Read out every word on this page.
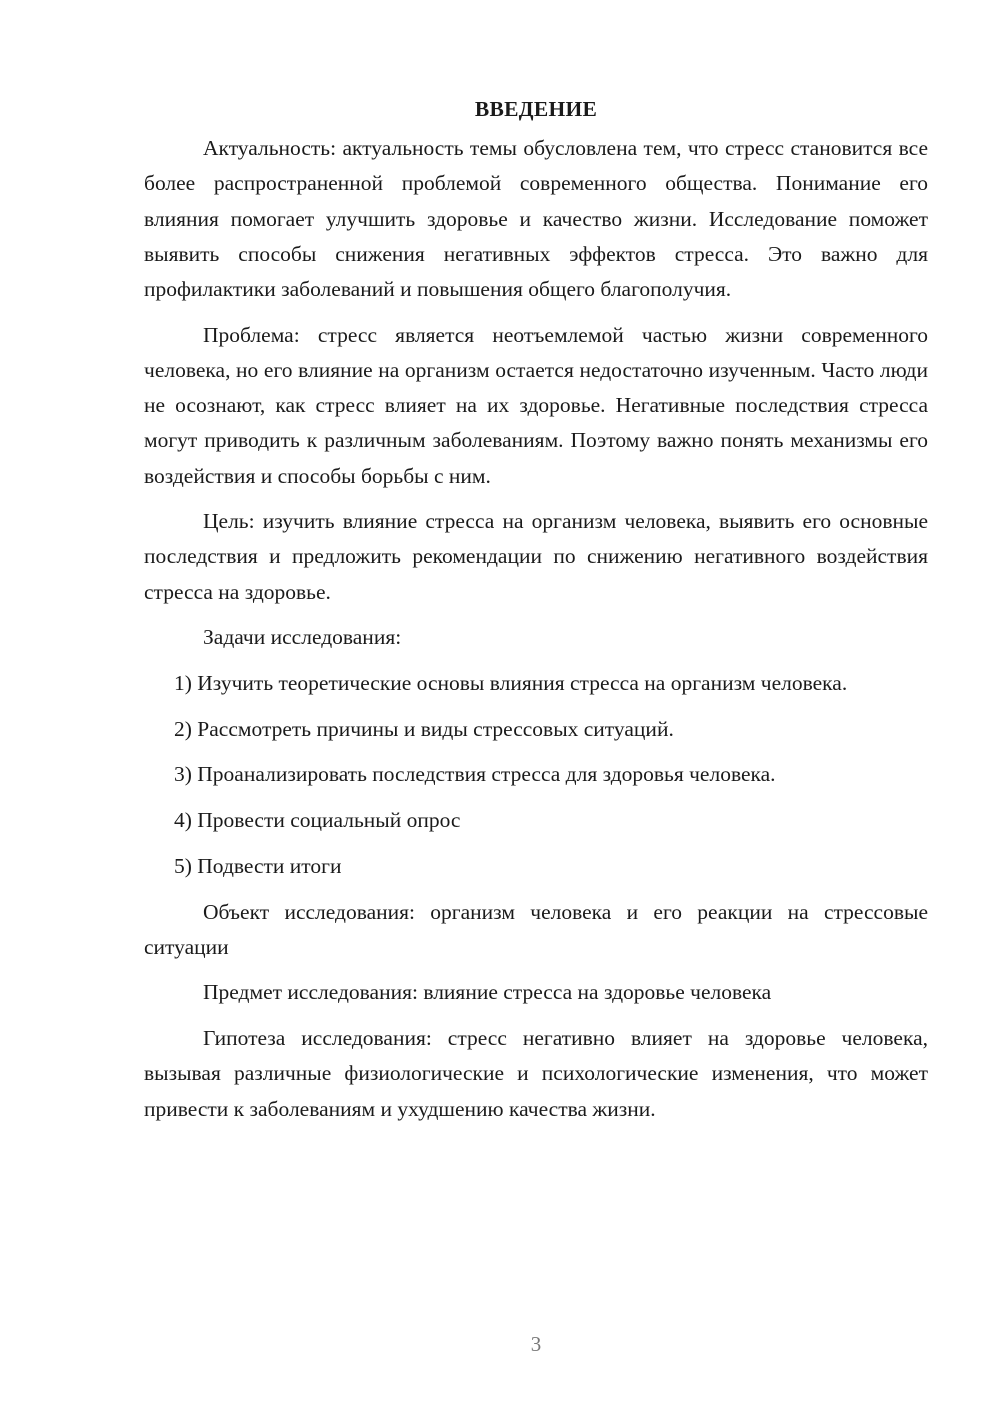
ВВЕДЕНИЕ

Актуальность: актуальность темы обусловлена тем, что стресс становится все более распространенной проблемой современного общества. Понимание его влияния помогает улучшить здоровье и качество жизни. Исследование поможет выявить способы снижения негативных эффектов стресса. Это важно для профилактики заболеваний и повышения общего благополучия.

Проблема: стресс является неотъемлемой частью жизни современного человека, но его влияние на организм остается недостаточно изученным. Часто люди не осознают, как стресс влияет на их здоровье. Негативные последствия стресса могут приводить к различным заболеваниям. Поэтому важно понять механизмы его воздействия и способы борьбы с ним.

Цель: изучить влияние стресса на организм человека, выявить его основные последствия и предложить рекомендации по снижению негативного воздействия стресса на здоровье.

Задачи исследования:

1) Изучить теоретические основы влияния стресса на организм человека.

2) Рассмотреть причины и виды стрессовых ситуаций.

3) Проанализировать последствия стресса для здоровья человека.

4) Провести социальный опрос

5) Подвести итоги

Объект исследования: организм человека и его реакции на стрессовые ситуации

Предмет исследования: влияние стресса на здоровье человека

Гипотеза исследования: стресс негативно влияет на здоровье человека, вызывая различные физиологические и психологические изменения, что может привести к заболеваниям и ухудшению качества жизни.

3
